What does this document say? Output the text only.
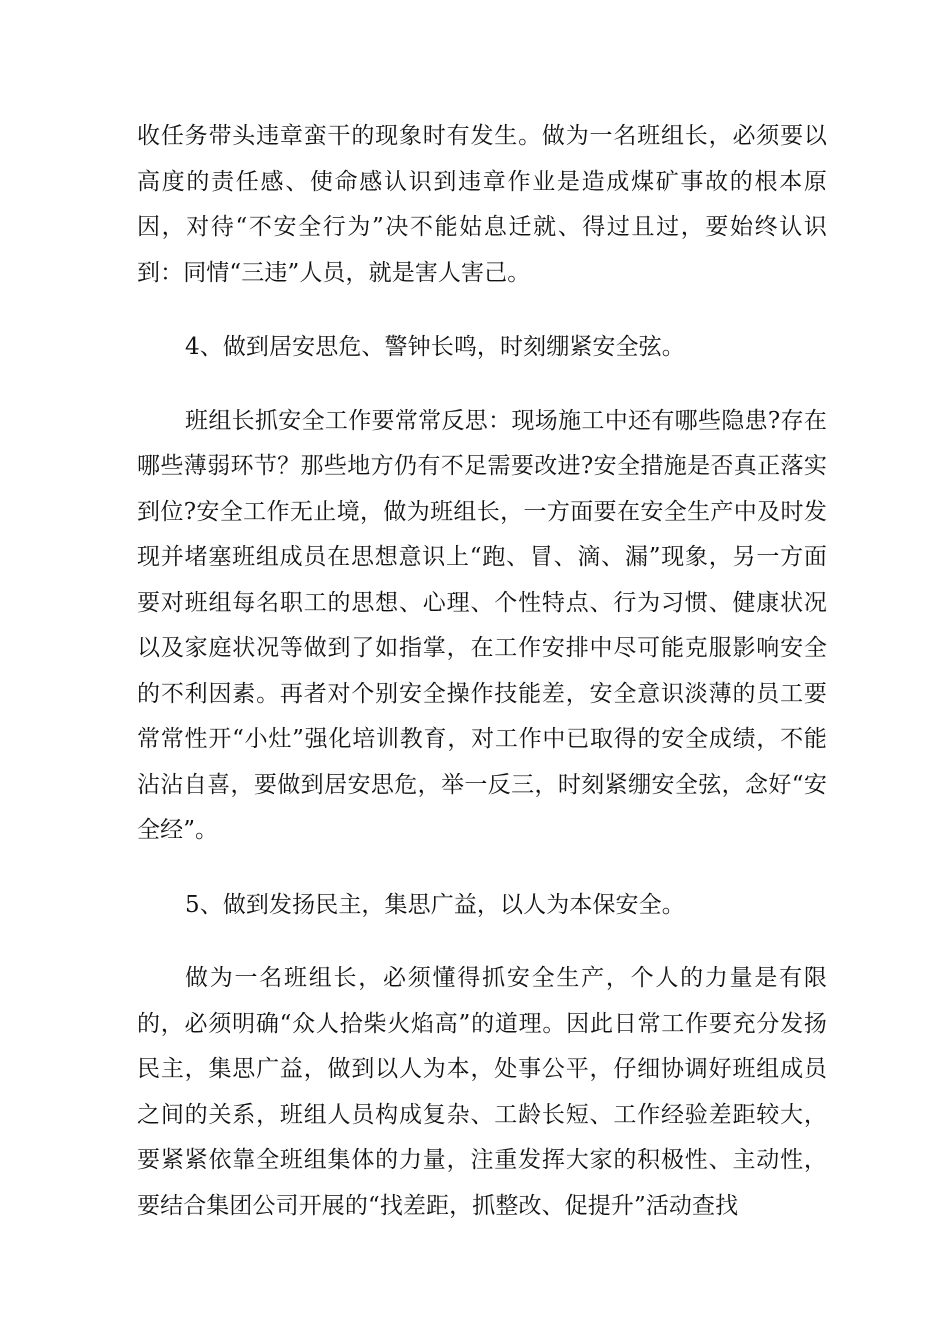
收任务带头违章蛮干的现象时有发生。做为一名班组长，必须要以高度的责任感、使命感认识到违章作业是造成煤矿事故的根本原因，对待“不安全行为”决不能姑息迁就、得过且过，要始终认识到：同情“三违”人员，就是害人害己。

4、做到居安思危、警钟长鸣，时刻绷紧安全弦。

班组长抓安全工作要常常反思：现场施工中还有哪些隐患?存在哪些薄弱环节？那些地方仍有不足需要改进?安全措施是否真正落实到位?安全工作无止境，做为班组长，一方面要在安全生产中及时发现并堵塞班组成员在思想意识上“跑、冒、滴、漏”现象，另一方面要对班组每名职工的思想、心理、个性特点、行为习惯、健康状况以及家庭状况等做到了如指掌，在工作安排中尽可能克服影响安全的不利因素。再者对个别安全操作技能差，安全意识淡薄的员工要常常性开“小灶”强化培训教育，对工作中已取得的安全成绩，不能沾沾自喜，要做到居安思危，举一反三，时刻紧绷安全弦，念好“安全经”。

5、做到发扬民主，集思广益，以人为本保安全。

做为一名班组长，必须懂得抓安全生产，个人的力量是有限的，必须明确“众人拾柴火焰高”的道理。因此日常工作要充分发扬民主，集思广益，做到以人为本，处事公平，仔细协调好班组成员之间的关系，班组人员构成复杂、工龄长短、工作经验差距较大，要紧紧依靠全班组集体的力量，注重发挥大家的积极性、主动性，要结合集团公司开展的“找差距，抓整改、促提升”活动查找
